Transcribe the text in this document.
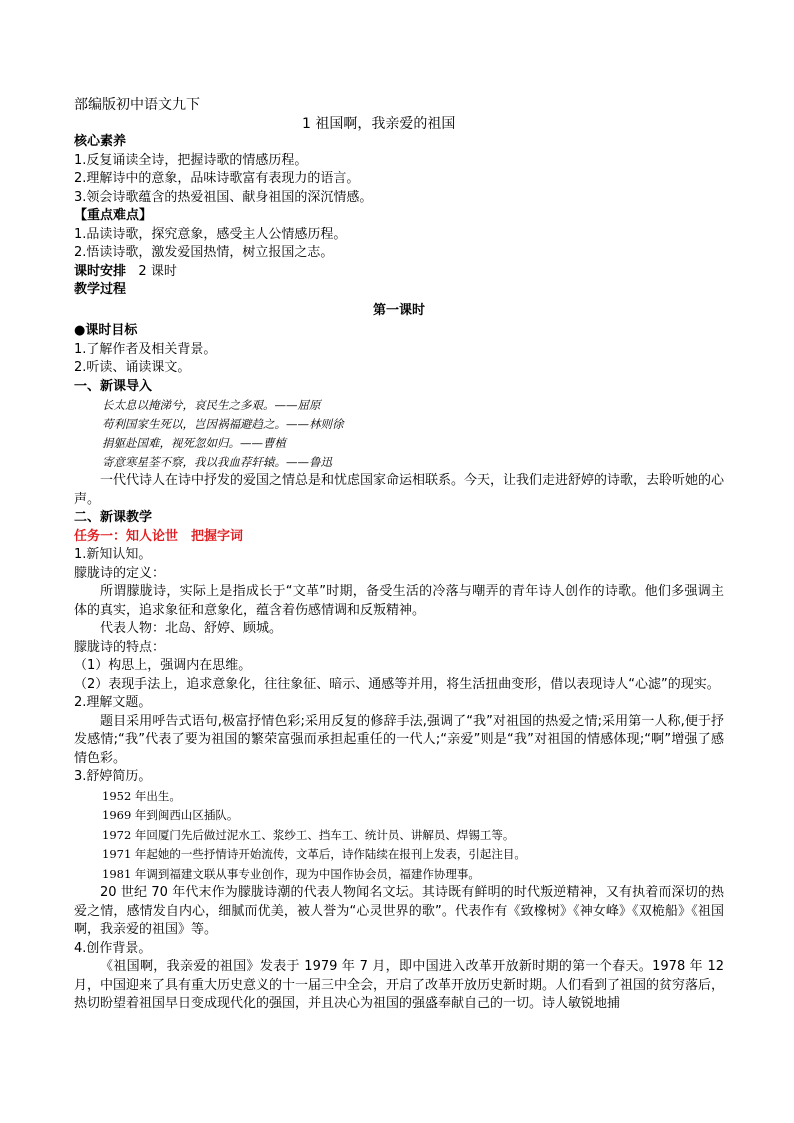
部编版初中语文九下
1 祖国啊，我亲爱的祖国
核心素养
1.反复诵读全诗，把握诗歌的情感历程。
2.理解诗中的意象，品味诗歌富有表现力的语言。
3.领会诗歌蕴含的热爱祖国、献身祖国的深沉情感。
【重点难点】
1.品读诗歌，探究意象，感受主人公情感历程。
2.悟读诗歌，激发爱国热情，树立报国之志。
课时安排 2 课时
教学过程
第一课时
●课时目标
1.了解作者及相关背景。
2.听读、诵读课文。
一、新课导入
长太息以掩涕兮，哀民生之多艰。——屈原
苟利国家生死以，岂因祸福避趋之。——林则徐
捐躯赴国难，视死忽如归。——曹植
寄意寒星荃不察，我以我血荐轩辕。——鲁迅
一代代诗人在诗中抒发的爱国之情总是和忧虑国家命运相联系。今天，让我们走进舒婷的诗歌，去聆听她的心声。
二、新课教学
任务一：知人论世　把握字词
1.新知认知。
朦胧诗的定义：
所谓朦胧诗，实际上是指成长于“文革”时期，备受生活的冷落与嘲弄的青年诗人创作的诗歌。他们多强调主体的真实，追求象征和意象化，蕴含着伤感情调和反叛精神。
代表人物：北岛、舒婷、顾城。
朦胧诗的特点：
（1）构思上，强调内在思维。
（2）表现手法上，追求意象化，往往象征、暗示、通感等并用，将生活扭曲变形，借以表现诗人“心滤”的现实。
2.理解文题。
题目采用呼告式语句,极富抒情色彩;采用反复的修辞手法,强调了“我”对祖国的热爱之情;采用第一人称,便于抒发感情;“我”代表了要为祖国的繁荣富强而承担起重任的一代人;“亲爱”则是“我”对祖国的情感体现;“啊”增强了感情色彩。
3.舒婷简历。
1952 年出生。
1969 年到闽西山区插队。
1972 年回厦门先后做过泥水工、浆纱工、挡车工、统计员、讲解员、焊锡工等。
1971 年起她的一些抒情诗开始流传，文革后，诗作陆续在报刊上发表，引起注目。
1981 年调到福建文联从事专业创作，现为中国作协会员，福建作协理事。
20 世纪 70 年代末作为朦胧诗潮的代表人物闻名文坛。其诗既有鲜明的时代叛逆精神，又有执着而深切的热爱之情，感情发自内心，细腻而优美，被人誉为“心灵世界的歌”。代表作有《致橡树》《神女峰》《双桅船》《祖国啊，我亲爱的祖国》等。
4.创作背景。
《祖国啊，我亲爱的祖国》发表于 1979 年 7 月，即中国进入改革开放新时期的第一个春天。1978 年 12 月，中国迎来了具有重大历史意义的十一届三中全会，开启了改革开放历史新时期。人们看到了祖国的贫穷落后，热切盼望着祖国早日变成现代化的强国，并且决心为祖国的强盛奉献自己的一切。诗人敏锐地捕
